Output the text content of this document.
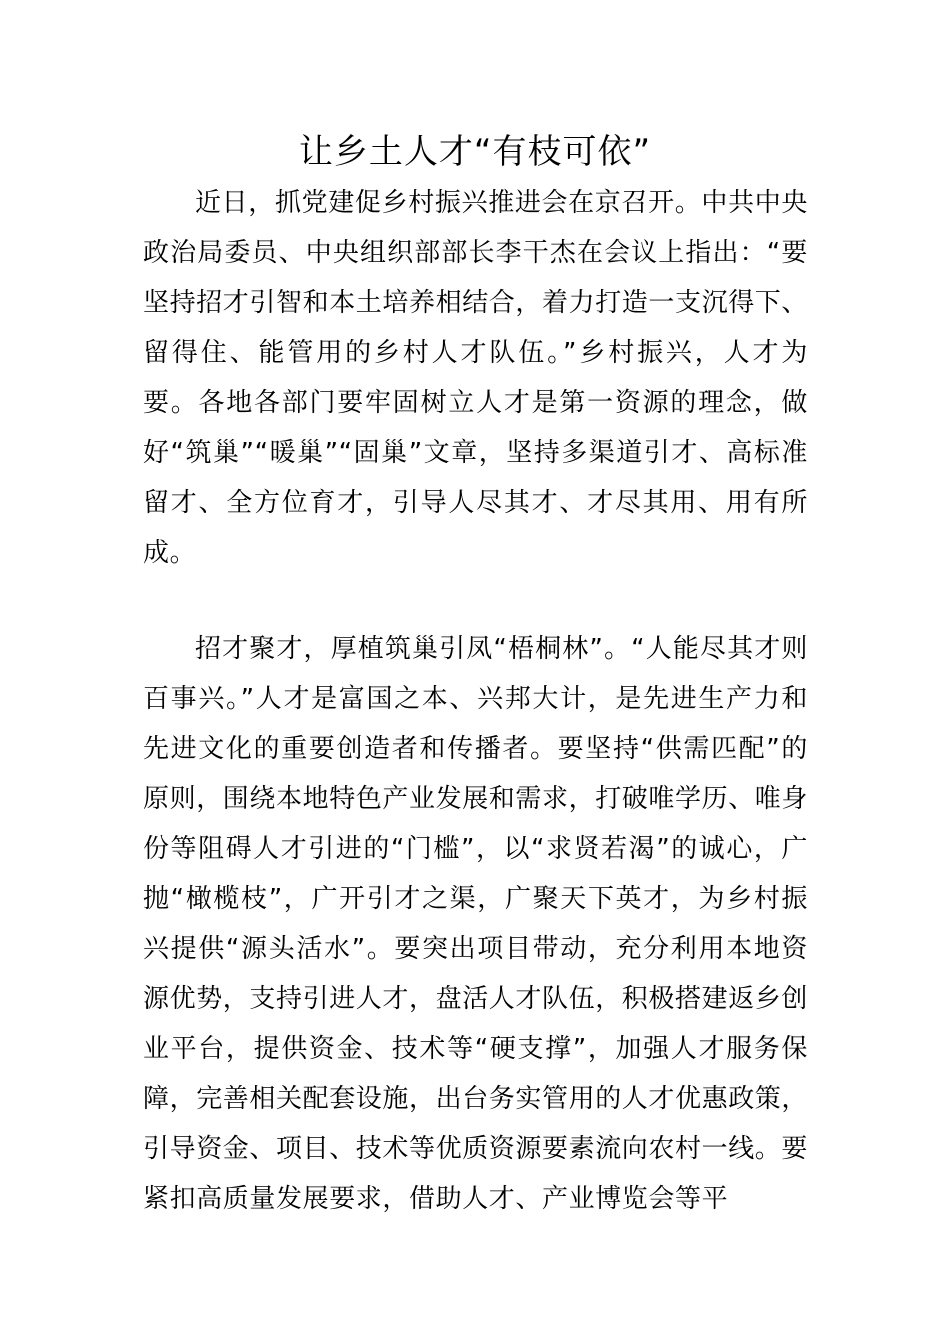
让乡土人才“有枝可依”

近日，抓党建促乡村振兴推进会在京召开。中共中央政治局委员、中央组织部部长李干杰在会议上指出：“要坚持招才引智和本土培养相结合，着力打造一支沉得下、留得住、能管用的乡村人才队伍。”乡村振兴，人才为要。各地各部门要牢固树立人才是第一资源的理念，做好“筑巢”“暖巢”“固巢”文章，坚持多渠道引才、高标准留才、全方位育才，引导人尽其才、才尽其用、用有所成。

招才聚才，厚植筑巢引凤“梧桐林”。“人能尽其才则百事兴。”人才是富国之本、兴邦大计，是先进生产力和先进文化的重要创造者和传播者。要坚持“供需匹配”的原则，围绕本地特色产业发展和需求，打破唯学历、唯身份等阻碍人才引进的“门槛”，以“求贤若渴”的诚心，广抛“橄榄枝”，广开引才之渠，广聚天下英才，为乡村振兴提供“源头活水”。要突出项目带动，充分利用本地资源优势，支持引进人才，盘活人才队伍，积极搭建返乡创业平台，提供资金、技术等“硬支撑”，加强人才服务保障，完善相关配套设施，出台务实管用的人才优惠政策，引导资金、项目、技术等优质资源要素流向农村一线。要紧扣高质量发展要求，借助人才、产业博览会等平
